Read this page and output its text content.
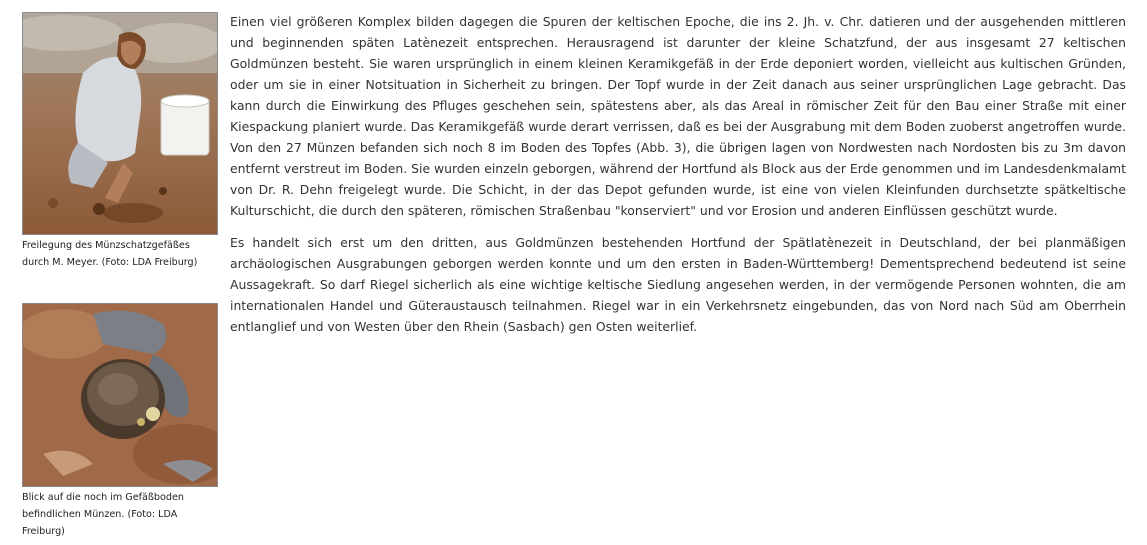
Freilegung des Münzschatzgefäßes durch M. Meyer. (Foto: LDA Freiburg)
Blick auf die noch im Gefäßboden befindlichen Münzen. (Foto: LDA Freiburg)

Einen viel größeren Komplex bilden dagegen die Spuren der keltischen Epoche, die ins 2. Jh. v. Chr. datieren und der ausgehenden mittleren und beginnenden späten Latènezeit entsprechen. Herausragend ist darunter der kleine Schatzfund, der aus insgesamt 27 keltischen Goldmünzen besteht. Sie waren ursprünglich in einem kleinen Keramikgefäß in der Erde deponiert worden, vielleicht aus kultischen Gründen, oder um sie in einer Notsituation in Sicherheit zu bringen. Der Topf wurde in der Zeit danach aus seiner ursprünglichen Lage gebracht. Das kann durch die Einwirkung des Pfluges geschehen sein, spätestens aber, als das Areal in römischer Zeit für den Bau einer Straße mit einer Kiespackung planiert wurde. Das Keramikgefäß wurde derart verrissen, daß es bei der Ausgrabung mit dem Boden zuoberst angetroffen wurde. Von den 27 Münzen befanden sich noch 8 im Boden des Topfes (Abb. 3), die übrigen lagen von Nordwesten nach Nordosten bis zu 3m davon entfernt verstreut im Boden. Sie wurden einzeln geborgen, während der Hortfund als Block aus der Erde genommen und im Landesdenkmalamt von Dr. R. Dehn freigelegt wurde. Die Schicht, in der das Depot gefunden wurde, ist eine von vielen Kleinfunden durchsetzte spätkeltische Kulturschicht, die durch den späteren, römischen Straßenbau "konserviert" und vor Erosion und anderen Einflüssen geschützt wurde.

Es handelt sich erst um den dritten, aus Goldmünzen bestehenden Hortfund der Spätlatènezeit in Deutschland, der bei planmäßigen archäologischen Ausgrabungen geborgen werden konnte und um den ersten in Baden-Württemberg! Dementsprechend bedeutend ist seine Aussagekraft. So darf Riegel sicherlich als eine wichtige keltische Siedlung angesehen werden, in der vermögende Personen wohnten, die am internationalen Handel und Güteraustausch teilnahmen. Riegel war in ein Verkehrsnetz eingebunden, das von Nord nach Süd am Oberrhein entlanglief und von Westen über den Rhein (Sasbach) gen Osten weiterlief.
